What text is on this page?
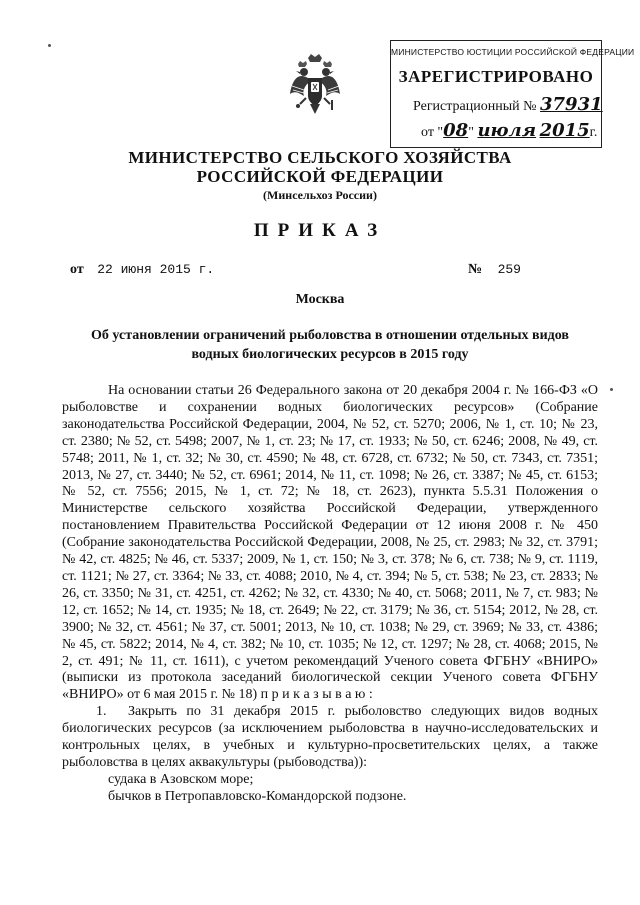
МИНИСТЕРСТВО ЮСТИЦИИ РОССИЙСКОЙ ФЕДЕРАЦИИ
ЗАРЕГИСТРИРОВАНО
Регистрационный № 37931
от "08" июля 2015г.
МИНИСТЕРСТВО СЕЛЬСКОГО ХОЗЯЙСТВА
РОССИЙСКОЙ ФЕДЕРАЦИИ
(Минсельхоз России)
ПРИКАЗ
от 22 июня 2015 г.	№ 259
Москва
Об установлении ограничений рыболовства в отношении отдельных видов водных биологических ресурсов в 2015 году

На основании статьи 26 Федерального закона от 20 декабря 2004 г. № 166-ФЗ «О рыболовстве и сохранении водных биологических ресурсов» (Собрание законодательства Российской Федерации, 2004, № 52, ст. 5270; 2006, № 1, ст. 10; № 23, ст. 2380; № 52, ст. 5498; 2007, № 1, ст. 23; № 17, ст. 1933; № 50, ст. 6246; 2008, № 49, ст. 5748; 2011, № 1, ст. 32; № 30, ст. 4590; № 48, ст. 6728, ст. 6732; № 50, ст. 7343, ст. 7351; 2013, № 27, ст. 3440; № 52, ст. 6961; 2014, № 11, ст. 1098; № 26, ст. 3387; № 45, ст. 6153; № 52, ст. 7556; 2015, № 1, ст. 72; № 18, ст. 2623), пункта 5.5.31 Положения о Министерстве сельского хозяйства Российской Федерации, утвержденного постановлением Правительства Российской Федерации от 12 июня 2008 г. № 450 (Собрание законодательства Российской Федерации, 2008, № 25, ст. 2983; № 32, ст. 3791; № 42, ст. 4825; № 46, ст. 5337; 2009, № 1, ст. 150; № 3, ст. 378; № 6, ст. 738; № 9, ст. 1119, ст. 1121; № 27, ст. 3364; № 33, ст. 4088; 2010, № 4, ст. 394; № 5, ст. 538; № 23, ст. 2833; № 26, ст. 3350; № 31, ст. 4251, ст. 4262; № 32, ст. 4330; № 40, ст. 5068; 2011, № 7, ст. 983; № 12, ст. 1652; № 14, ст. 1935; № 18, ст. 2649; № 22, ст. 3179; № 36, ст. 5154; 2012, № 28, ст. 3900; № 32, ст. 4561; № 37, ст. 5001; 2013, № 10, ст. 1038; № 29, ст. 3969; № 33, ст. 4386; № 45, ст. 5822; 2014, № 4, ст. 382; № 10, ст. 1035; № 12, ст. 1297; № 28, ст. 4068; 2015, № 2, ст. 491; № 11, ст. 1611), с учетом рекомендаций Ученого совета ФГБНУ «ВНИРО» (выписки из протокола заседаний биологической секции Ученого совета ФГБНУ «ВНИРО» от 6 мая 2015 г. № 18) п р и к а з ы в а ю :

1. Закрыть по 31 декабря 2015 г. рыболовство следующих видов водных биологических ресурсов (за исключением рыболовства в научно-исследовательских и контрольных целях, в учебных и культурно-просветительских целях, а также рыболовства в целях аквакультуры (рыбоводства)):

судака в Азовском море;

бычков в Петропавловско-Командорской подзоне.
